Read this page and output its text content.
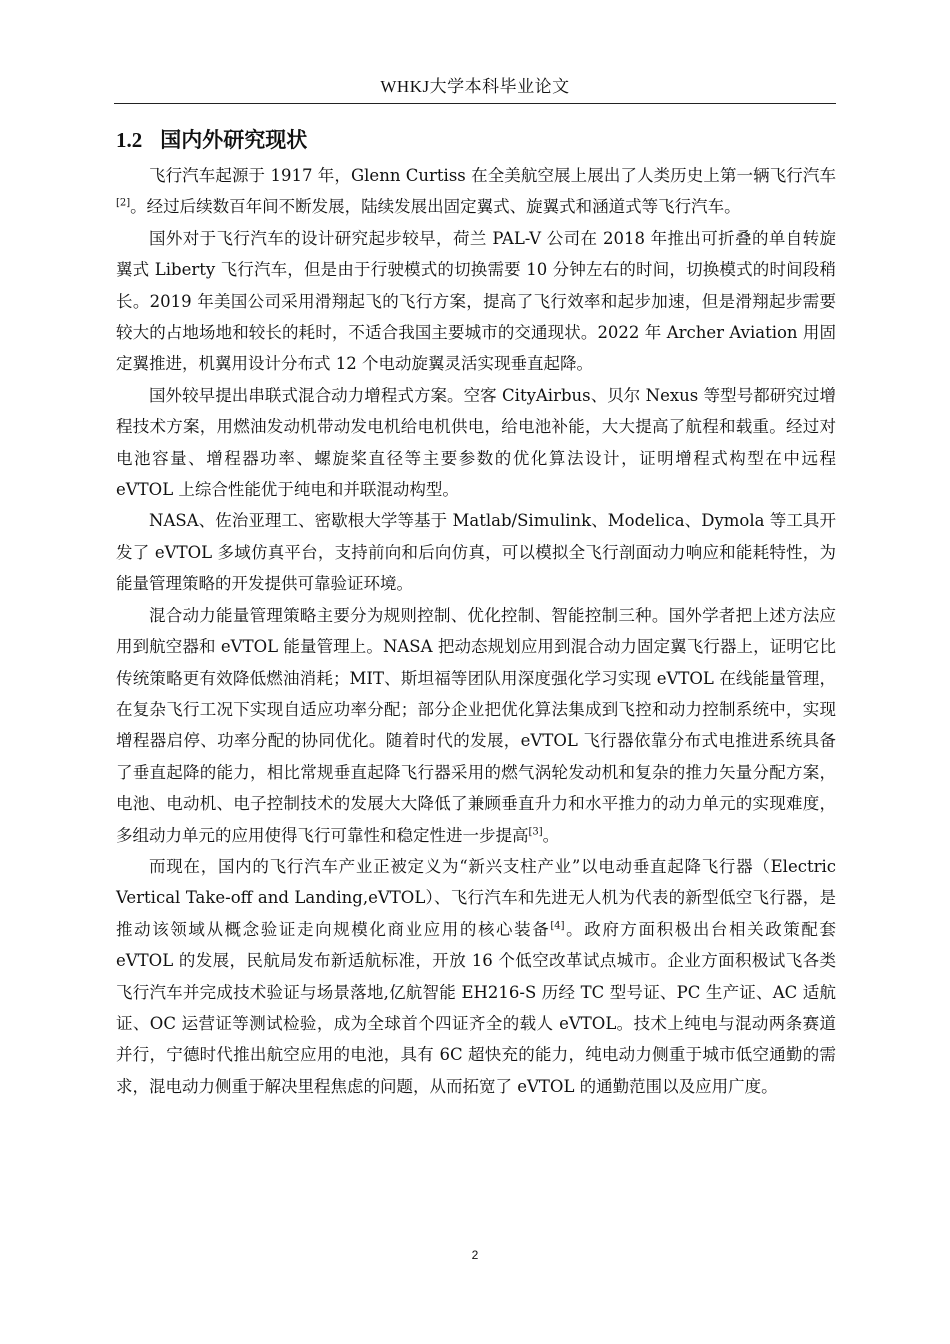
WHKJ大学本科毕业论文
1.2 国内外研究现状

飞行汽车起源于 1917 年，Glenn Curtiss 在全美航空展上展出了人类历史上第一辆飞行汽车[2]。经过后续数百年间不断发展，陆续发展出固定翼式、旋翼式和涵道式等飞行汽车。

国外对于飞行汽车的设计研究起步较早，荷兰 PAL-V 公司在 2018 年推出可折叠的单自转旋翼式 Liberty 飞行汽车，但是由于行驶模式的切换需要 10 分钟左右的时间，切换模式的时间段稍长。2019 年美国公司采用滑翔起飞的飞行方案，提高了飞行效率和起步加速，但是滑翔起步需要较大的占地场地和较长的耗时，不适合我国主要城市的交通现状。2022 年 Archer Aviation 用固定翼推进，机翼用设计分布式 12 个电动旋翼灵活实现垂直起降。

国外较早提出串联式混合动力增程式方案。空客 CityAirbus、贝尔 Nexus 等型号都研究过增程技术方案，用燃油发动机带动发电机给电机供电，给电池补能，大大提高了航程和载重。经过对电池容量、增程器功率、螺旋桨直径等主要参数的优化算法设计，证明增程式构型在中远程 eVTOL 上综合性能优于纯电和并联混动构型。

NASA、佐治亚理工、密歇根大学等基于 Matlab/Simulink、Modelica、Dymola 等工具开发了 eVTOL 多域仿真平台，支持前向和后向仿真，可以模拟全飞行剖面动力响应和能耗特性，为能量管理策略的开发提供可靠验证环境。

混合动力能量管理策略主要分为规则控制、优化控制、智能控制三种。国外学者把上述方法应用到航空器和 eVTOL 能量管理上。NASA 把动态规划应用到混合动力固定翼飞行器上，证明它比传统策略更有效降低燃油消耗；MIT、斯坦福等团队用深度强化学习实现 eVTOL 在线能量管理，在复杂飞行工况下实现自适应功率分配；部分企业把优化算法集成到飞控和动力控制系统中，实现增程器启停、功率分配的协同优化。随着时代的发展，eVTOL 飞行器依靠分布式电推进系统具备了垂直起降的能力，相比常规垂直起降飞行器采用的燃气涡轮发动机和复杂的推力矢量分配方案，电池、电动机、电子控制技术的发展大大降低了兼顾垂直升力和水平推力的动力单元的实现难度，多组动力单元的应用使得飞行可靠性和稳定性进一步提高[3]。

而现在，国内的飞行汽车产业正被定义为“新兴支柱产业”以电动垂直起降飞行器（Electric Vertical Take-off and Landing,eVTOL）、飞行汽车和先进无人机为代表的新型低空飞行器，是推动该领域从概念验证走向规模化商业应用的核心装备[4]。政府方面积极出台相关政策配套 eVTOL 的发展，民航局发布新适航标准，开放 16 个低空改革试点城市。企业方面积极试飞各类飞行汽车并完成技术验证与场景落地,亿航智能 EH216-S 历经 TC 型号证、PC 生产证、AC 适航证、OC 运营证等测试检验，成为全球首个四证齐全的载人 eVTOL。技术上纯电与混动两条赛道并行，宁德时代推出航空应用的电池，具有 6C 超快充的能力，纯电动力侧重于城市低空通勤的需求，混电动力侧重于解决里程焦虑的问题，从而拓宽了 eVTOL 的通勤范围以及应用广度。

2
